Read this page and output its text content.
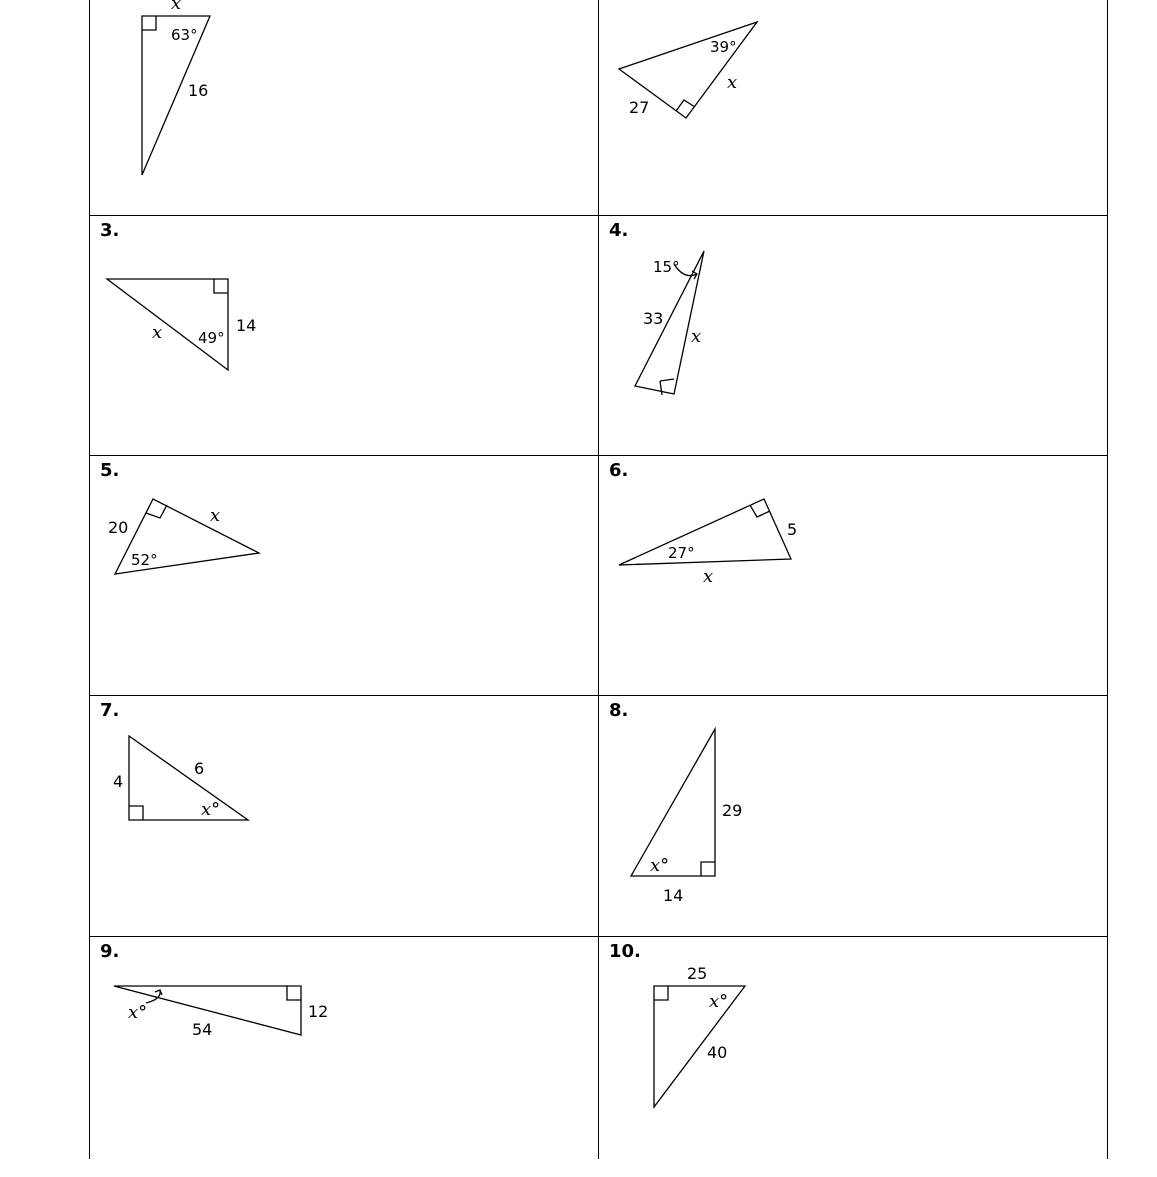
x
63°
16
39°
x
27
3.
x 49°
14
4.
15°
33
x
5.
20
x
52°
6.
5
27°
x
7.
4
6
x°
8.
29
x°
14
9.
x°
54
12
10.
25
x°
40
